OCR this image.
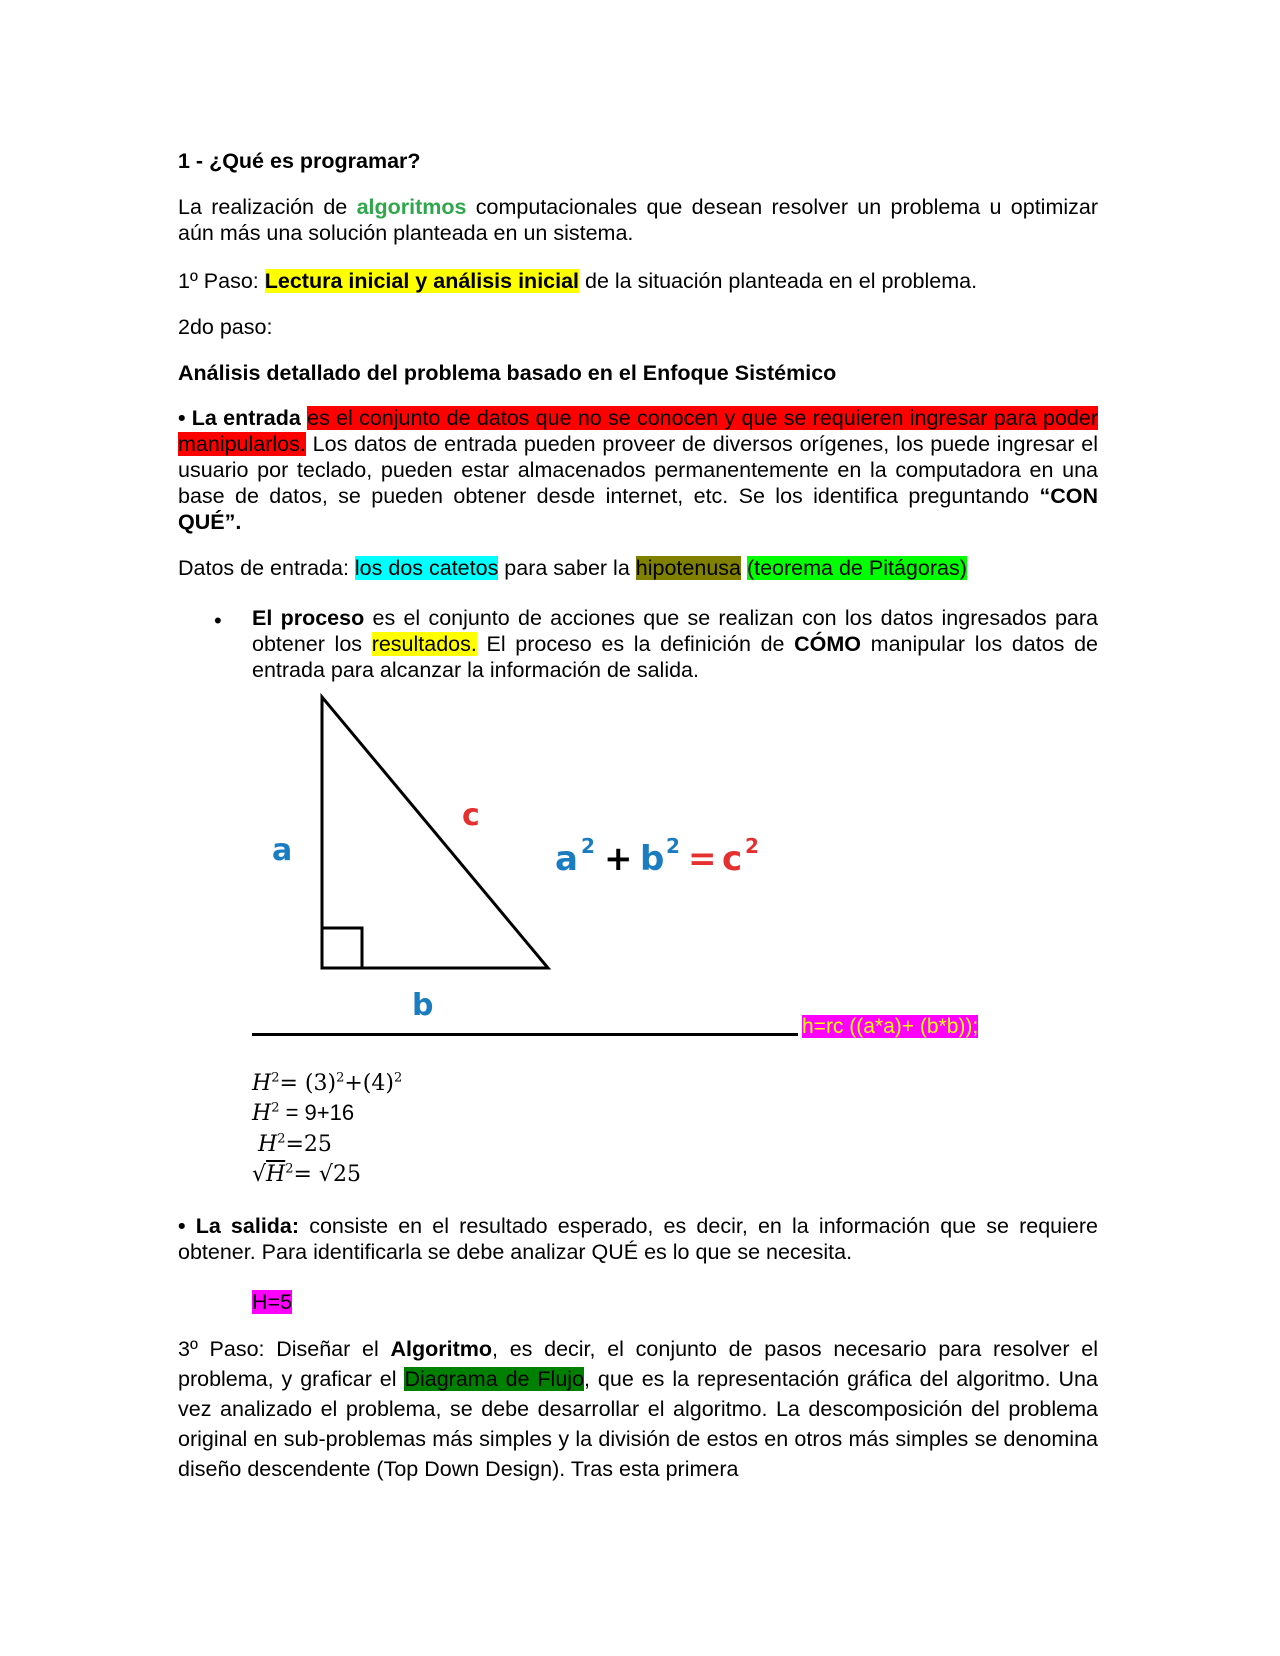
1 - ¿Qué es programar?

La realización de algoritmos computacionales que desean resolver un problema u optimizar aún más una solución planteada en un sistema.

1º Paso: Lectura inicial y análisis inicial de la situación planteada en el problema.

2do paso:

Análisis detallado del problema basado en el Enfoque Sistémico

• La entrada es el conjunto de datos que no se conocen y que se requieren ingresar para poder manipularlos. Los datos de entrada pueden proveer de diversos orígenes, los puede ingresar el usuario por teclado, pueden estar almacenados permanentemente en la computadora en una base de datos, se pueden obtener desde internet, etc. Se los identifica preguntando “CON QUÉ”.

Datos de entrada: los dos catetos para saber la hipotenusa (teorema de Pitágoras)

• El proceso es el conjunto de acciones que se realizan con los datos ingresados para obtener los resultados. El proceso es la definición de CÓMO manipular los datos de entrada para alcanzar la información de salida.

a
c
b
a 2 + b 2 = c 2
h=rc ((a*a)+ (b*b));
$H^2= (3)^2+(4)^2$
$H^2 = 9+16$
$H^2=25$
$√H^2= √25$

• La salida: consiste en el resultado esperado, es decir, en la información que se requiere obtener. Para identificarla se debe analizar QUÉ es lo que se necesita.

H=5

3º Paso: Diseñar el Algoritmo, es decir, el conjunto de pasos necesario para resolver el problema, y graficar el Diagrama de Flujo, que es la representación gráfica del algoritmo. Una vez analizado el problema, se debe desarrollar el algoritmo. La descomposición del problema original en sub-problemas más simples y la división de estos en otros más simples se denomina diseño descendente (Top Down Design). Tras esta primera
